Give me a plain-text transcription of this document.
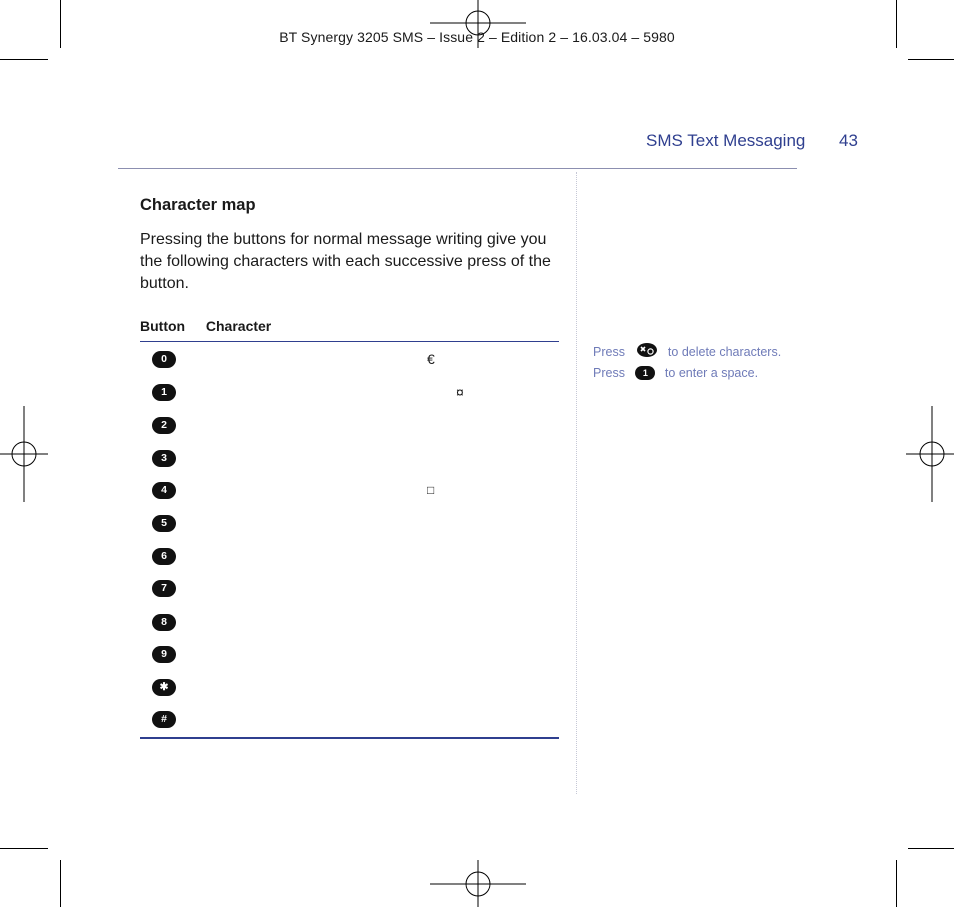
BT Synergy 3205 SMS – Issue 2 – Edition 2 – 16.03.04 – 5980
SMS Text Messaging 43

Character map

Pressing the buttons for normal message writing give you the following characters with each successive press of the button.

Button Character
0	€
1	¤
2
3
4	□
5
6
7
8
9
✱
#
Press	to delete characters.
Press 1 to enter a space.
